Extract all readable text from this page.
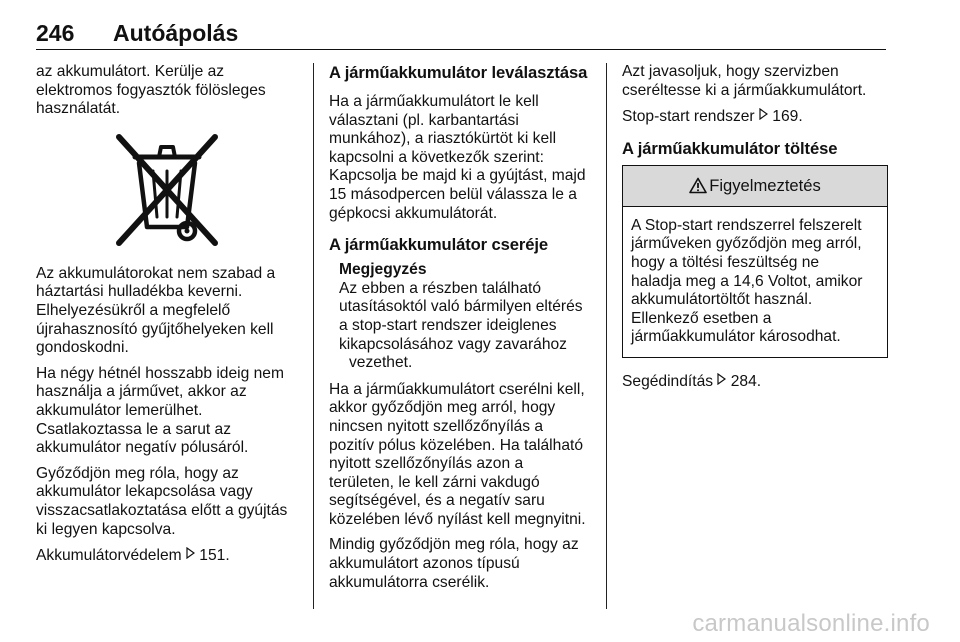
246 Autóápolás

az akkumulátort. Kerülje az
elektromos fogyasztók fölösleges
használatát.

Az akkumulátorokat nem szabad a
háztartási hulladékba keverni.
Elhelyezésükről a megfelelő
újrahasznosító gyűjtőhelyeken kell
gondoskodni.

Ha négy hétnél hosszabb ideig nem
használja a járművet, akkor az
akkumulátor lemerülhet.
Csatlakoztassa le a sarut az
akkumulátor negatív pólusáról.

Győződjön meg róla, hogy az
akkumulátor lekapcsolása vagy
visszacsatlakoztatása előtt a gyújtás
ki legyen kapcsolva.

Akkumulátorvédelem 151.

A járműakkumulátor leválasztása

Ha a járműakkumulátort le kell
választani (pl. karbantartási
munkához), a riasztókürtöt ki kell
kapcsolni a következők szerint:
Kapcsolja be majd ki a gyújtást, majd
15 másodpercen belül válassza le a
gépkocsi akkumulátorát.

A járműakkumulátor cseréje
Megjegyzés
Az ebben a részben található
utasításoktól való bármilyen eltérés
a stop-start rendszer ideiglenes
kikapcsolásához vagy zavarához
vezethet.

Ha a járműakkumulátort cserélni kell,
akkor győződjön meg arról, hogy
nincsen nyitott szellőzőnyílás a
pozitív pólus közelében. Ha található
nyitott szellőzőnyílás azon a
területen, le kell zárni vakdugó
segítségével, és a negatív saru
közelében lévő nyílást kell megnyitni.

Mindig győződjön meg róla, hogy az
akkumulátort azonos típusú
akkumulátorra cserélik.

Azt javasoljuk, hogy szervizben
cseréltesse ki a járműakkumulátort.

Stop-start rendszer 169.

A járműakkumulátor töltése
Figyelmeztetés
A Stop-start rendszerrel felszerelt
járműveken győződjön meg arról,
hogy a töltési feszültség ne
haladja meg a 14,6 Voltot, amikor
akkumulátortöltőt használ.
Ellenkező esetben a
járműakkumulátor károsodhat.

Segédindítás 284.

carmanualsonline.info
